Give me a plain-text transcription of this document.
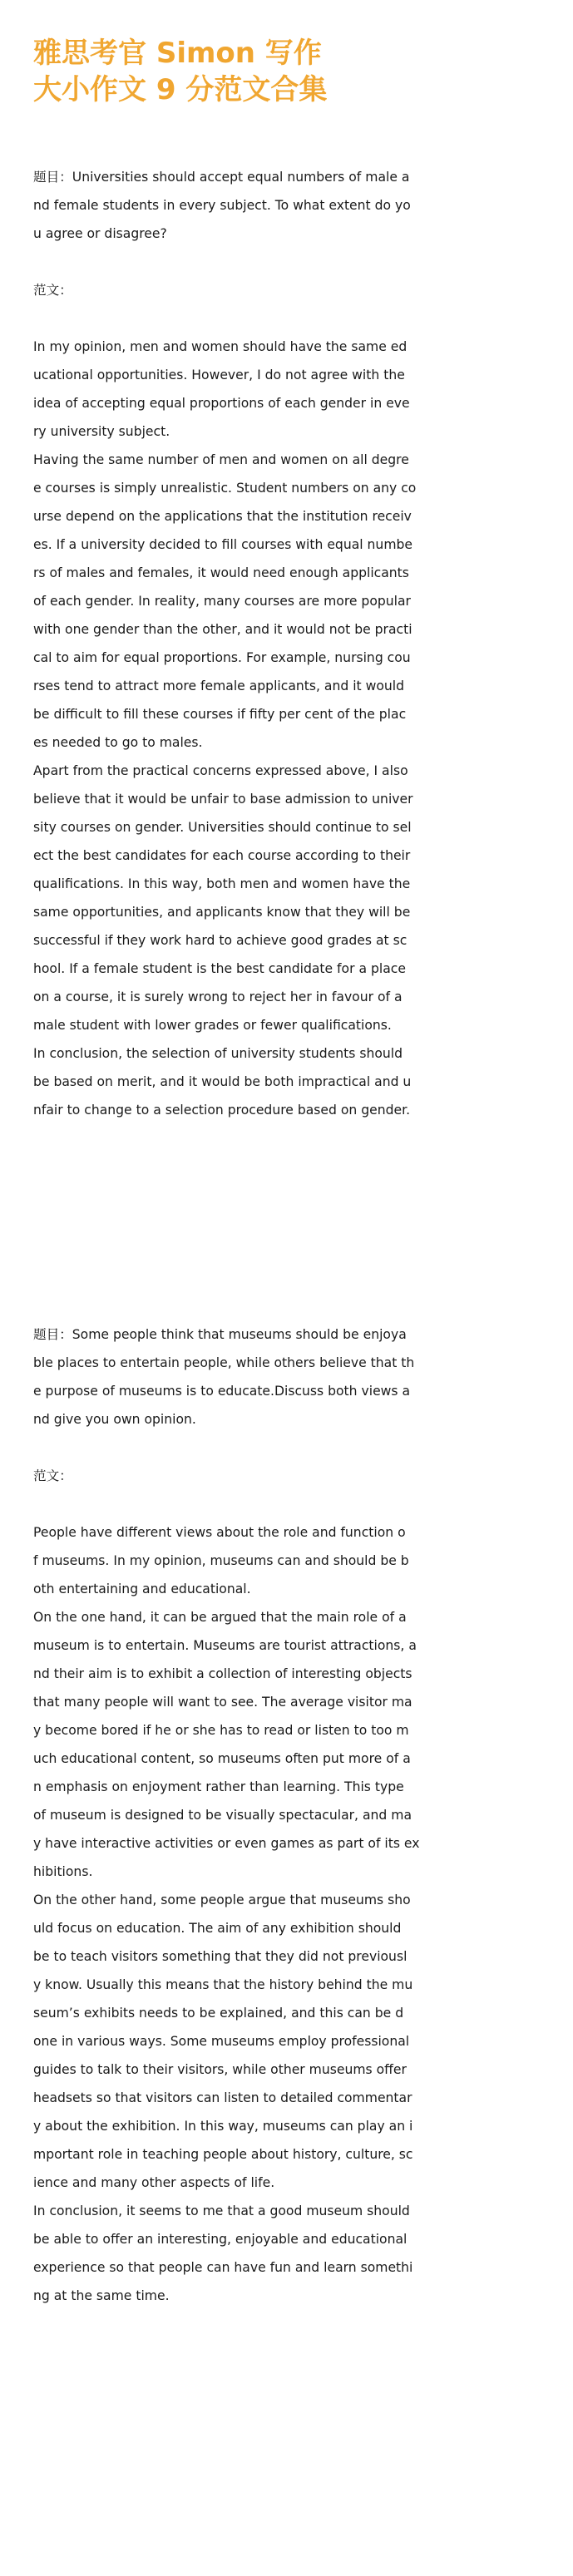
雅思考官 Simon 写作
大小作文 9 分范文合集
题目：Universities should accept equal numbers of male a
nd female students in every subject. To what extent do yo
u agree or disagree?
范文：
In my opinion, men and women should have the same ed
ucational opportunities. However, I do not agree with the
idea of accepting equal proportions of each gender in eve
ry university subject.
Having the same number of men and women on all degre
e courses is simply unrealistic. Student numbers on any co
urse depend on the applications that the institution receiv
es. If a university decided to fill courses with equal numbe
rs of males and females, it would need enough applicants
of each gender. In reality, many courses are more popular
with one gender than the other, and it would not be practi
cal to aim for equal proportions. For example, nursing cou
rses tend to attract more female applicants, and it would
be difficult to fill these courses if fifty per cent of the plac
es needed to go to males.
Apart from the practical concerns expressed above, I also
believe that it would be unfair to base admission to univer
sity courses on gender. Universities should continue to sel
ect the best candidates for each course according to their
qualifications. In this way, both men and women have the
same opportunities, and applicants know that they will be
successful if they work hard to achieve good grades at sc
hool. If a female student is the best candidate for a place
on a course, it is surely wrong to reject her in favour of a
male student with lower grades or fewer qualifications.
In conclusion, the selection of university students should
be based on merit, and it would be both impractical and u
nfair to change to a selection procedure based on gender.
题目：Some people think that museums should be enjoya
ble places to entertain people, while others believe that th
e purpose of museums is to educate.Discuss both views a
nd give you own opinion.
范文：
People have different views about the role and function o
f museums. In my opinion, museums can and should be b
oth entertaining and educational.
On the one hand, it can be argued that the main role of a
museum is to entertain. Museums are tourist attractions, a
nd their aim is to exhibit a collection of interesting objects
that many people will want to see. The average visitor ma
y become bored if he or she has to read or listen to too m
uch educational content, so museums often put more of a
n emphasis on enjoyment rather than learning. This type
of museum is designed to be visually spectacular, and ma
y have interactive activities or even games as part of its ex
hibitions.
On the other hand, some people argue that museums sho
uld focus on education. The aim of any exhibition should
be to teach visitors something that they did not previousl
y know. Usually this means that the history behind the mu
seum’s exhibits needs to be explained, and this can be d
one in various ways. Some museums employ professional
guides to talk to their visitors, while other museums offer
headsets so that visitors can listen to detailed commentar
y about the exhibition. In this way, museums can play an i
mportant role in teaching people about history, culture, sc
ience and many other aspects of life.
In conclusion, it seems to me that a good museum should
be able to offer an interesting, enjoyable and educational
experience so that people can have fun and learn somethi
ng at the same time.
